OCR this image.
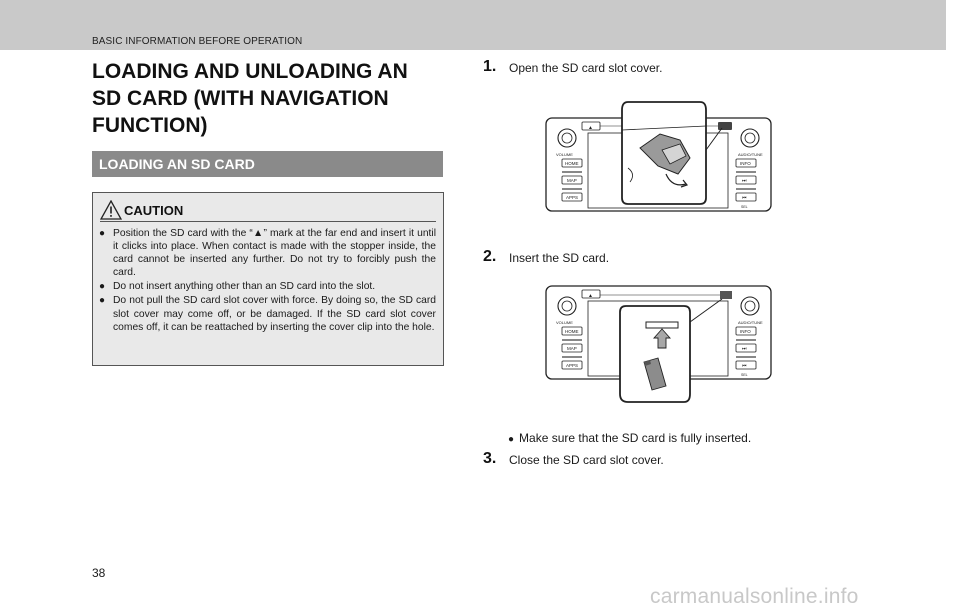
BASIC INFORMATION BEFORE OPERATION
LOADING AND UNLOADING AN SD CARD (WITH NAVIGATION FUNCTION)
LOADING AN SD CARD
CAUTION
● Position the SD card with the “▲” mark at the far end and insert it until it clicks into place. When contact is made with the stopper inside, the card cannot be inserted any further. Do not try to forcibly push the card.
● Do not insert anything other than an SD card into the slot.
● Do not pull the SD card slot cover with force. By doing so, the SD card slot cover may come off, or be damaged. If the SD card slot cover comes off, it can be reattached by inserting the cover clip into the hole.
1. Open the SD card slot cover.
VOLUME
▲
AUDIO/TUNE
HOME
MAP
APPS
INFO
⏭
⏮
SEL
2. Insert the SD card.
VOLUME
▲
AUDIO/TUNE
HOME
MAP
APPS
INFO
⏭
⏮
SEL
● Make sure that the SD card is fully inserted.
3. Close the SD card slot cover.
38
carmanualsonline.info
